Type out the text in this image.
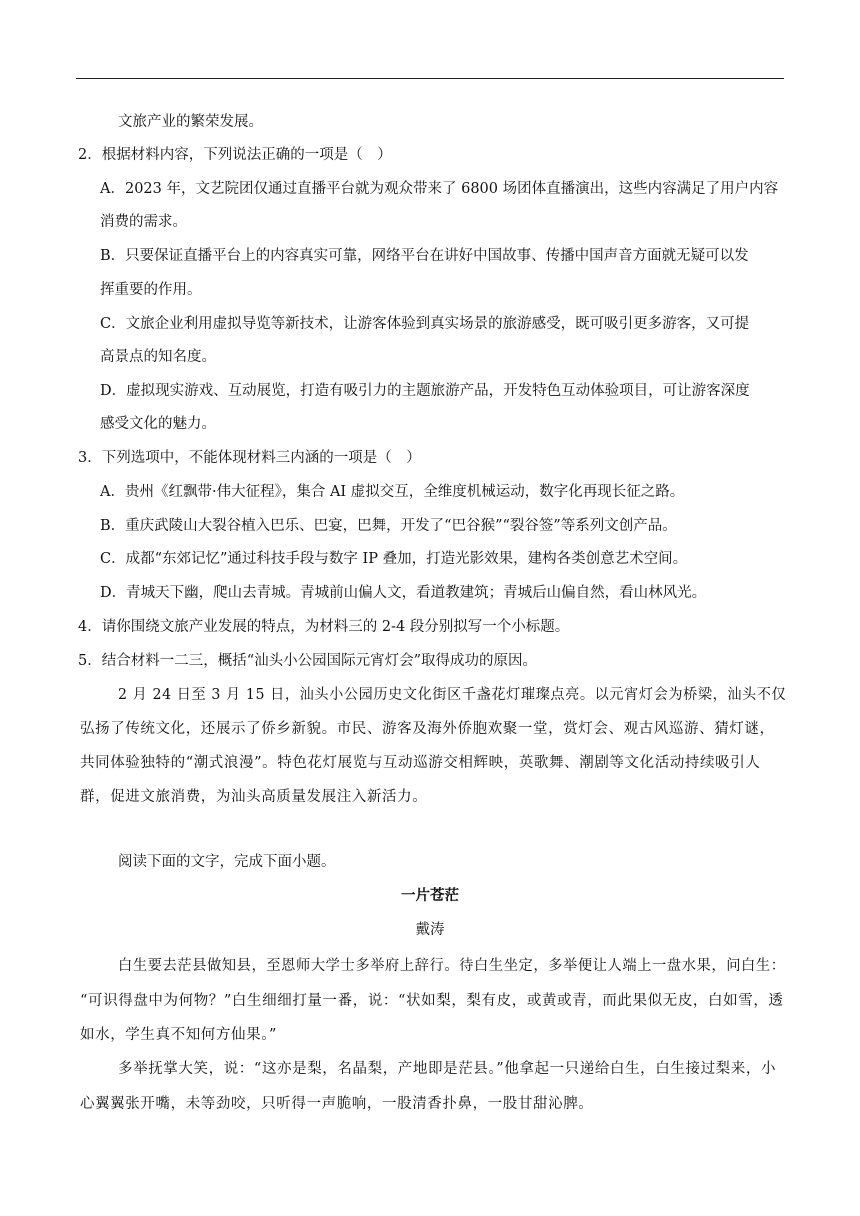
文旅产业的繁荣发展。
2．根据材料内容，下列说法正确的一项是（　）
A．2023 年，文艺院团仅通过直播平台就为观众带来了 6800 场团体直播演出，这些内容满足了用户内容
消费的需求。
B．只要保证直播平台上的内容真实可靠，网络平台在讲好中国故事、传播中国声音方面就无疑可以发
挥重要的作用。
C．文旅企业利用虚拟导览等新技术，让游客体验到真实场景的旅游感受，既可吸引更多游客，又可提
高景点的知名度。
D．虚拟现实游戏、互动展览，打造有吸引力的主题旅游产品，开发特色互动体验项目，可让游客深度
感受文化的魅力。
3．下列选项中，不能体现材料三内涵的一项是（　）
A．贵州《红飘带·伟大征程》，集合 AI 虚拟交互，全维度机械运动，数字化再现长征之路。
B．重庆武陵山大裂谷植入巴乐、巴宴，巴舞，开发了“巴谷猴”“裂谷签”等系列文创产品。
C．成都“东郊记忆”通过科技手段与数字 IP 叠加，打造光影效果，建构各类创意艺术空间。
D．青城天下幽，爬山去青城。青城前山偏人文，看道教建筑；青城后山偏自然，看山林风光。
4．请你围绕文旅产业发展的特点，为材料三的 2-4 段分别拟写一个小标题。
5．结合材料一二三，概括“汕头小公园国际元宵灯会”取得成功的原因。
2 月 24 日至 3 月 15 日，汕头小公园历史文化街区千盏花灯璀璨点亮。以元宵灯会为桥梁，汕头不仅
弘扬了传统文化，还展示了侨乡新貌。市民、游客及海外侨胞欢聚一堂，赏灯会、观古风巡游、猜灯谜，
共同体验独特的“潮式浪漫”。特色花灯展览与互动巡游交相辉映，英歌舞、潮剧等文化活动持续吸引人
群，促进文旅消费，为汕头高质量发展注入新活力。
阅读下面的文字，完成下面小题。
一片苍茫
戴涛
白生要去茫县做知县，至恩师大学士多举府上辞行。待白生坐定，多举便让人端上一盘水果，问白生：
“可识得盘中为何物？”白生细细打量一番，说：“状如梨，梨有皮，或黄或青，而此果似无皮，白如雪，透
如水，学生真不知何方仙果。”
多举抚掌大笑，说：“这亦是梨，名晶梨，产地即是茫县。”他拿起一只递给白生，白生接过梨来，小
心翼翼张开嘴，未等劲咬，只听得一声脆响，一股清香扑鼻，一股甘甜沁脾。
